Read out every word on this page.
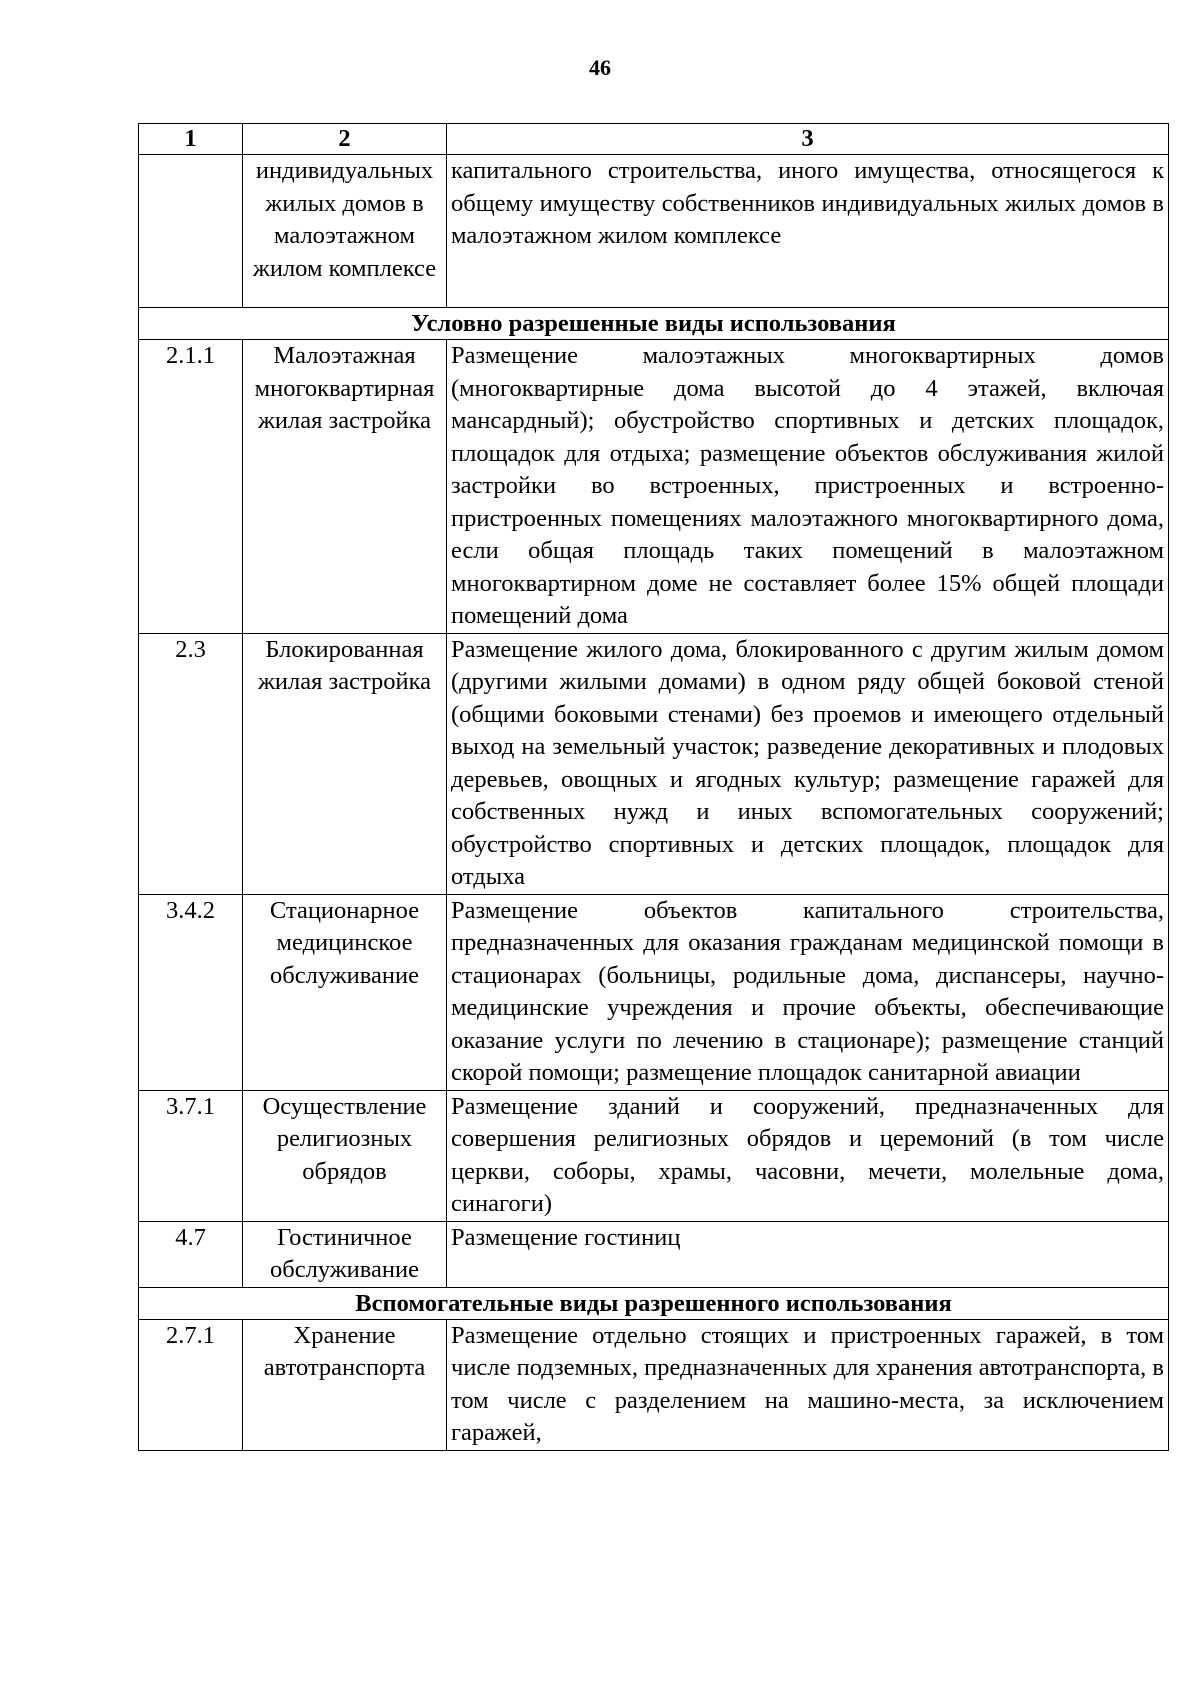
46
1	2	3
	индивидуальных жилых домов в малоэтажном жилом комплексе	капитального строительства, иного имущества, относящегося к общему имуществу собственников индивидуальных жилых домов в малоэтажном жилом комплексе
Условно разрешенные виды использования		
2.1.1	Малоэтажная многоквартирная жилая застройка	Размещение малоэтажных многоквартирных домов (многоквартирные дома высотой до 4 этажей, включая мансардный); обустройство спортивных и детских площадок, площадок для отдыха; размещение объектов обслуживания жилой застройки во встроенных, пристроенных и встроенно-пристроенных помещениях малоэтажного многоквартирного дома, если общая площадь таких помещений в малоэтажном многоквартирном доме не составляет более 15% общей площади помещений дома
2.3	Блокированная жилая застройка	Размещение жилого дома, блокированного с другим жилым домом (другими жилыми домами) в одном ряду общей боковой стеной (общими боковыми стенами) без проемов и имеющего отдельный выход на земельный участок; разведение декоративных и плодовых деревьев, овощных и ягодных культур; размещение гаражей для собственных нужд и иных вспомогательных сооружений; обустройство спортивных и детских площадок, площадок для отдыха
3.4.2	Стационарное медицинское обслуживание	Размещение объектов капитального строительства, предназначенных для оказания гражданам медицинской помощи в стационарах (больницы, родильные дома, диспансеры, научно-медицинские учреждения и прочие объекты, обеспечивающие оказание услуги по лечению в стационаре); размещение станций скорой помощи; размещение площадок санитарной авиации
3.7.1	Осуществление религиозных обрядов	Размещение зданий и сооружений, предназначенных для совершения религиозных обрядов и церемоний (в том числе церкви, соборы, храмы, часовни, мечети, молельные дома, синагоги)
4.7	Гостиничное обслуживание	Размещение гостиниц
Вспомогательные виды разрешенного использования		
2.7.1	Хранение автотранспорта	Размещение отдельно стоящих и пристроенных гаражей, в том числе подземных, предназначенных для хранения автотранспорта, в том числе с разделением на машино-места, за исключением гаражей,
